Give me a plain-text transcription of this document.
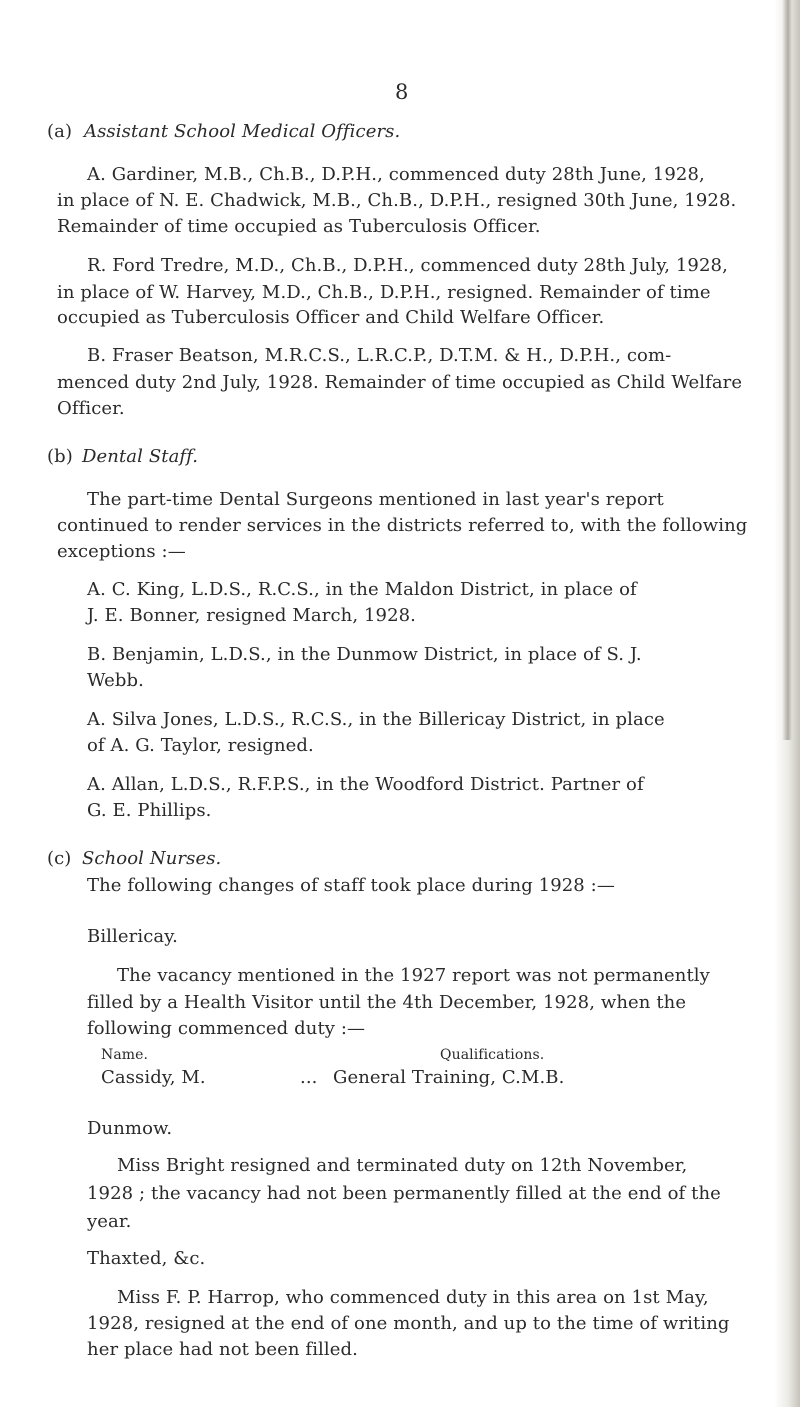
8
(a) Assistant School Medical Officers.
A. Gardiner, M.B., Ch.B., D.P.H., commenced duty 28th June, 1928,
in place of N. E. Chadwick, M.B., Ch.B., D.P.H., resigned 30th June, 1928.
Remainder of time occupied as Tuberculosis Officer.
R. Ford Tredre, M.D., Ch.B., D.P.H., commenced duty 28th July, 1928,
in place of W. Harvey, M.D., Ch.B., D.P.H., resigned. Remainder of time
occupied as Tuberculosis Officer and Child Welfare Officer.
B. Fraser Beatson, M.R.C.S., L.R.C.P., D.T.M. & H., D.P.H., com-
menced duty 2nd July, 1928. Remainder of time occupied as Child Welfare
Officer.
(b) Dental Staff.
The part-time Dental Surgeons mentioned in last year's report
continued to render services in the districts referred to, with the following
exceptions :—
A. C. King, L.D.S., R.C.S., in the Maldon District, in place of
J. E. Bonner, resigned March, 1928.
B. Benjamin, L.D.S., in the Dunmow District, in place of S. J.
Webb.
A. Silva Jones, L.D.S., R.C.S., in the Billericay District, in place
of A. G. Taylor, resigned.
A. Allan, L.D.S., R.F.P.S., in the Woodford District. Partner of
G. E. Phillips.
(c) School Nurses.
The following changes of staff took place during 1928 :—
Billericay.
The vacancy mentioned in the 1927 report was not permanently
filled by a Health Visitor until the 4th December, 1928, when the
following commenced duty :—
Name.	Qualifications.
Cassidy, M.	... General Training, C.M.B.
Dunmow.
Miss Bright resigned and terminated duty on 12th November,
1928 ; the vacancy had not been permanently filled at the end of the
year.
Thaxted, &c.
Miss F. P. Harrop, who commenced duty in this area on 1st May,
1928, resigned at the end of one month, and up to the time of writing
her place had not been filled.
